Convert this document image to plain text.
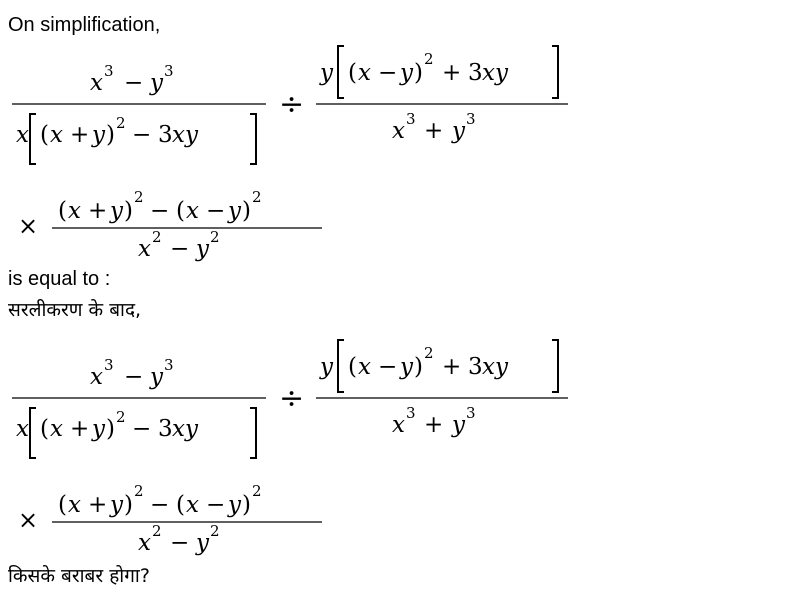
On simplification,
x 3 − y 3
x ( x + y ) 2 − 3 xy
÷
y ( x − y )
2
+ 3 xy
x 3 + y 3
×
( x + y )
2
− ( x − y )
2
x 2 − y 2
is equal to :
सरलीकरण के बाद,
x 3 − y 3
x ( x + y ) 2 − 3 xy
÷
y ( x − y )
2
+ 3 xy
x 3 + y 3
×
( x + y )
2
− ( x − y )
2
x 2 − y 2
किसके बराबर होगा?
